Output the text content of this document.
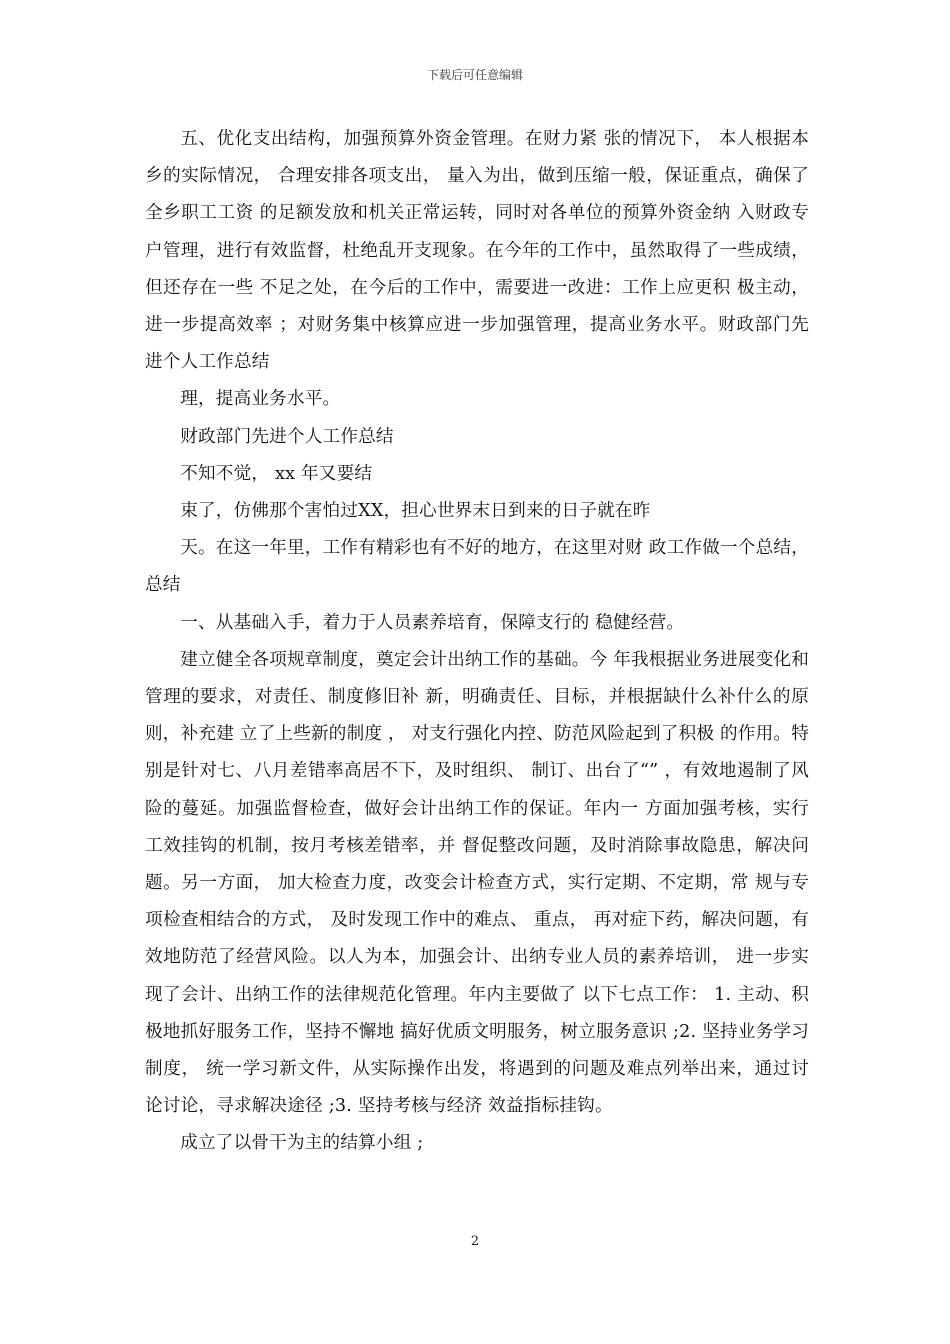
下载后可任意编辑

五、优化支出结构，加强预算外资金管理。在财力紧 张的情况下， 本人根据本乡的实际情况， 合理安排各项支出， 量入为出，做到压缩一般，保证重点，确保了全乡职工工资 的足额发放和机关正常运转，同时对各单位的预算外资金纳 入财政专户管理，进行有效监督，杜绝乱开支现象。在今年的工作中，虽然取得了一些成绩，但还存在一些 不足之处，在今后的工作中，需要进一改进：工作上应更积 极主动，进一步提高效率 ；对财务集中核算应进一步加强管理，提高业务水平。财政部门先进个人工作总结

理，提高业务水平。

财政部门先进个人工作总结

不知不觉， xx 年又要结

束了，仿佛那个害怕过XX，担心世界末日到来的日子就在昨

天。在这一年里，工作有精彩也有不好的地方，在这里对财 政工作做一个总结，总结

一、从基础入手，着力于人员素养培育，保障支行的 稳健经营。

建立健全各项规章制度，奠定会计出纳工作的基础。今 年我根据业务进展变化和管理的要求，对责任、制度修旧补 新，明确责任、目标，并根据缺什么补什么的原则，补充建 立了上些新的制度 ， 对支行强化内控、防范风险起到了积极 的作用。特别是针对七、八月差错率高居不下，及时组织、 制订、出台了“” ，有效地遏制了风险的蔓延。加强监督检查，做好会计出纳工作的保证。年内一 方面加强考核，实行工效挂钩的机制，按月考核差错率，并 督促整改问题，及时消除事故隐患，解决问题。另一方面， 加大检查力度，改变会计检查方式，实行定期、不定期，常 规与专项检查相结合的方式， 及时发现工作中的难点、 重点， 再对症下药，解决问题，有效地防范了经营风险。以人为本，加强会计、出纳专业人员的素养培训， 进一步实现了会计、出纳工作的法律规范化管理。年内主要做了 以下七点工作： 1. 主动、积极地抓好服务工作，坚持不懈地 搞好优质文明服务，树立服务意识 ;2. 坚持业务学习制度， 统一学习新文件，从实际操作出发，将遇到的问题及难点列举出来，通过讨论讨论，寻求解决途径 ;3. 坚持考核与经济 效益指标挂钩。

成立了以骨干为主的结算小组 ;

2
